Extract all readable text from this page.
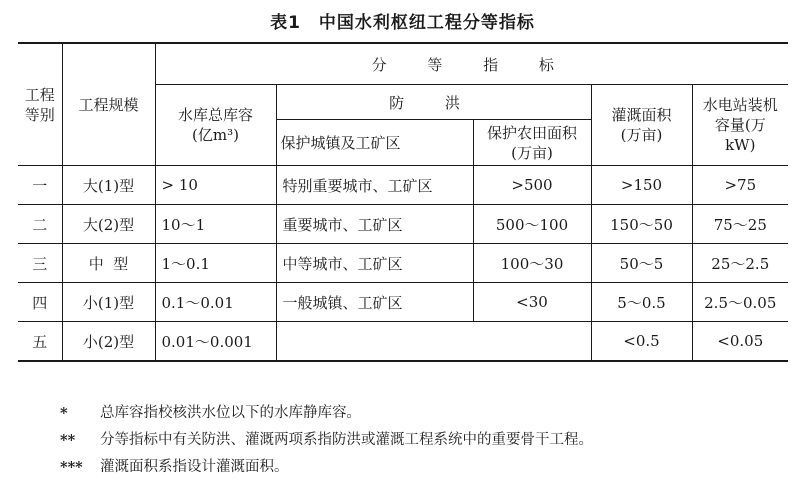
表1 中国水利枢纽工程分等指标
工程等别	工程规模	分 等 指 标				
		水库总库容(亿m³)	防 洪		灌溉面积(万亩)	水电站装机容量(万kW)
			保护城镇及工矿区	保护农田面积(万亩)		
一	大(1)型	> 10	特别重要城市、工矿区	>500	>150	>75
二	大(2)型	10～1	重要城市、工矿区	500～100	150～50	75～25
三	中  型	1～0.1	中等城市、工矿区	100～30	50～5	25～2.5
四	小(1)型	0.1～0.01	一般城镇、工矿区	<30	5～0.5	2.5～0.05
五	小(2)型	0.01～0.001			<0.5	<0.05
*	总库容指校核洪水位以下的水库静库容。
**	分等指标中有关防洪、灌溉两项系指防洪或灌溉工程系统中的重要骨干工程。
***	灌溉面积系指设计灌溉面积。
